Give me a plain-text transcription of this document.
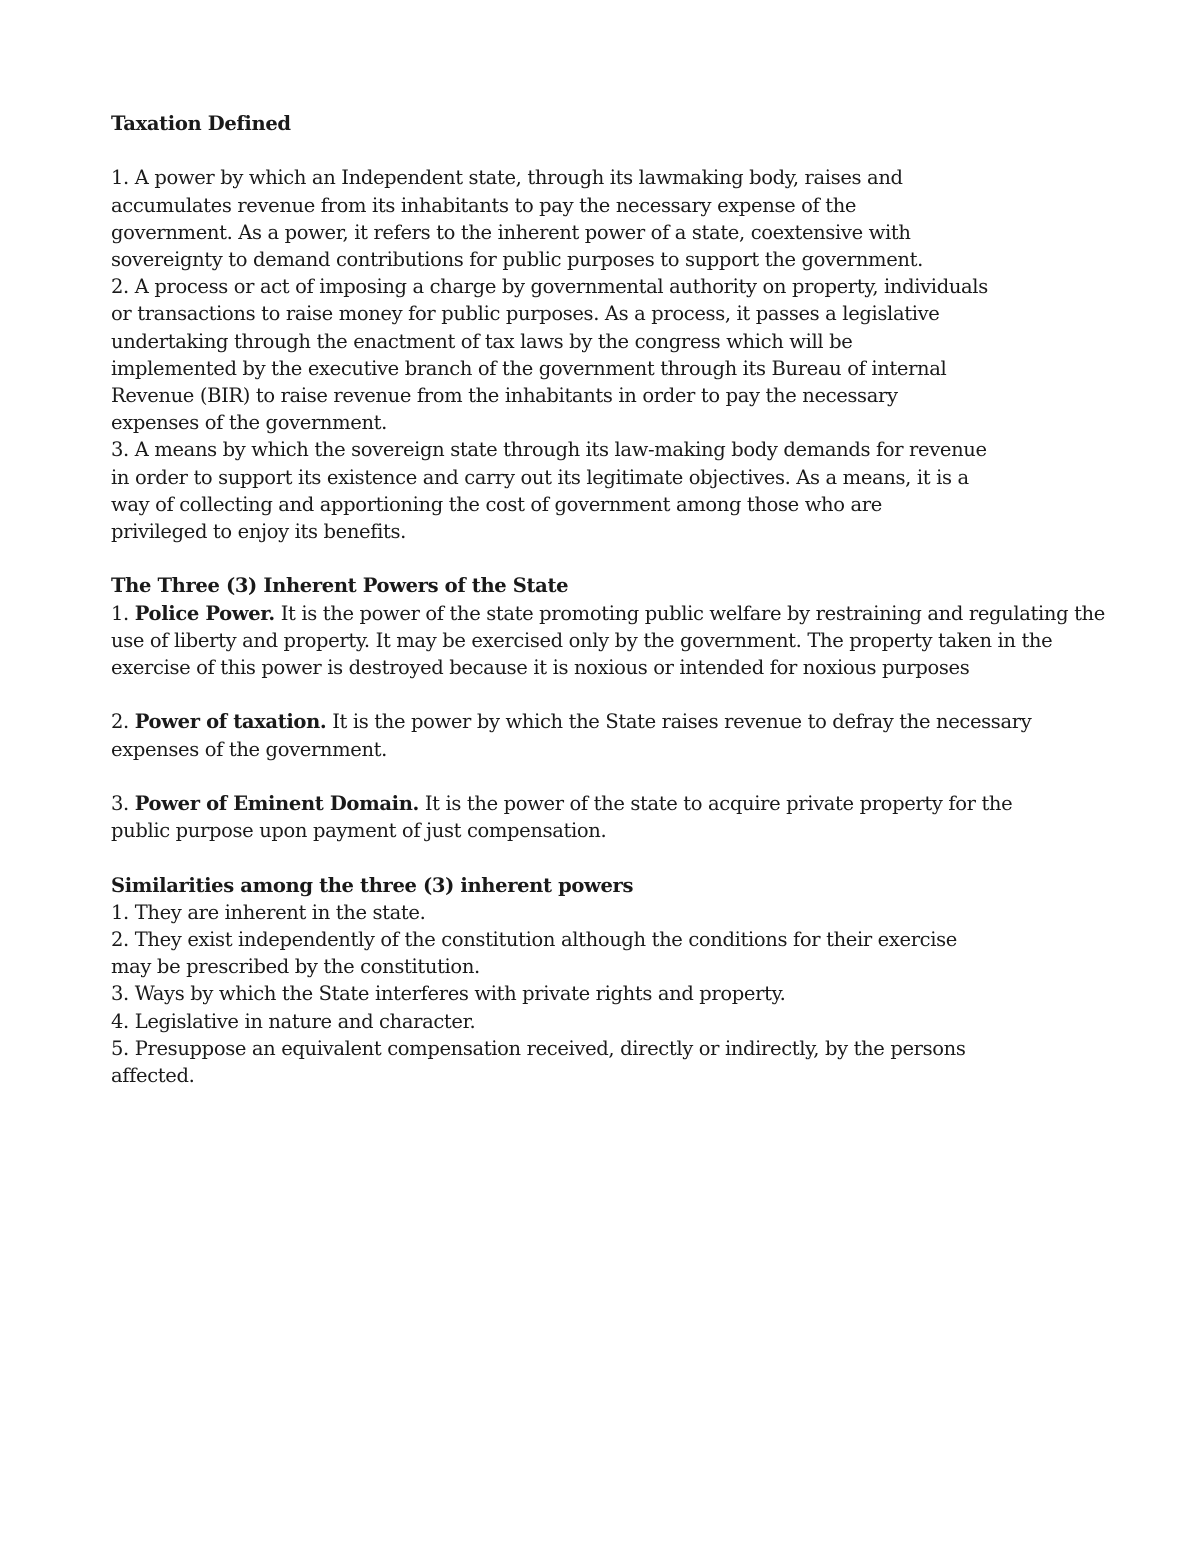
Taxation Defined
1. A power by which an Independent state, through its lawmaking body, raises and
accumulates revenue from its inhabitants to pay the necessary expense of the
government. As a power, it refers to the inherent power of a state, coextensive with
sovereignty to demand contributions for public purposes to support the government.
2. A process or act of imposing a charge by governmental authority on property, individuals
or transactions to raise money for public purposes. As a process, it passes a legislative
undertaking through the enactment of tax laws by the congress which will be
implemented by the executive branch of the government through its Bureau of internal
Revenue (BIR) to raise revenue from the inhabitants in order to pay the necessary
expenses of the government.
3. A means by which the sovereign state through its law-making body demands for revenue
in order to support its existence and carry out its legitimate objectives. As a means, it is a
way of collecting and apportioning the cost of government among those who are
privileged to enjoy its benefits.
The Three (3) Inherent Powers of the State
1. Police Power. It is the power of the state promoting public welfare by restraining and regulating the
use of liberty and property. It may be exercised only by the government. The property taken in the
exercise of this power is destroyed because it is noxious or intended for noxious purposes
2. Power of taxation. It is the power by which the State raises revenue to defray the necessary
expenses of the government.
3. Power of Eminent Domain. It is the power of the state to acquire private property for the
public purpose upon payment of just compensation.
Similarities among the three (3) inherent powers
1. They are inherent in the state.
2. They exist independently of the constitution although the conditions for their exercise
may be prescribed by the constitution.
3. Ways by which the State interferes with private rights and property.
4. Legislative in nature and character.
5. Presuppose an equivalent compensation received, directly or indirectly, by the persons
affected.
